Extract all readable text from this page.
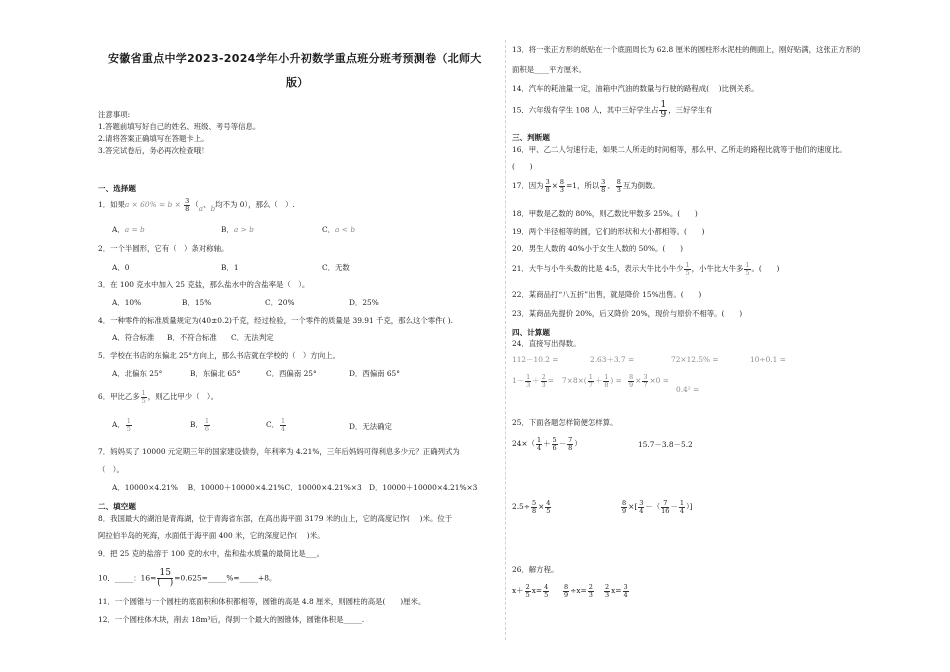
安徽省重点中学2023-2024学年小升初数学重点班分班考预测卷（北师大
版）
注意事项:
1.答题前填写好自己的姓名、班级、考号等信息。
2.请将答案正确填写在答题卡上。
3.答完试卷后，务必再次检查哦！
一、选择题
1．如果$a \times 60\% = b \times \frac{3}{8} (a$、b均不为 0），那么（　）.
A．a = b	B．a > b	C．a < b
2．一个半圆形，它有（　）条对称轴。
A．0	B．1	C．无数
3．在 100 克水中加入 25 克盐，那么盐水中的含盐率是（　）。
A．10%	B．15%	C．20%	D．25%
4．一种零件的标准质量规定为(40±0.2)千克，经过检验，一个零件的质量是 39.91 千克，那么这个零件( ).
A．符合标准 B．不符合标准 C．无法判定
5．学校在书店的东偏北 25°方向上，那么书店就在学校的（　）方向上。
A．北偏东 25°	B．东偏北 65°	C．西偏南 25°	D．西偏南 65°
6．甲比乙多 $\frac{1}{5}$ ，则乙比甲少（　）。
A． $\frac{1}{5}$	B． $\frac{1}{6}$	C． $\frac{1}{4}$	D．无法确定
7．妈妈买了 10000 元定期三年的国家建设债券，年利率为 4.21%，三年后妈妈可得利息多少元？正确列式为
（　）。
A．10000×4.21%　 B．10000＋10000×4.21%C．10000×4.21%×3　D．10000＋10000×4.21%×3
二、填空题
8．我国最大的湖泊是青海湖，位于青海省东部，在高出海平面 3179 米的山上，它的高度记作(　 )米。位于
阿拉伯半岛的死海，水面低于海平面 400 米，它的深度记作(　 )米。
9．把 25 克的盐溶于 100 克的水中，盐和盐水质量的最简比是___。
10．_____：$16= \frac{15}{( )}$ =0.625=_____%=_____+8。
11．一个圆锥与一个圆柱的底面积和体积都相等，圆锥的高是 4.8 厘米，则圆柱的高是(　　)厘米。
12．一个圆柱体木块，削去 18m³后，得到一个最大的圆锥体，圆锥体积是_____.
13．将一张正方形的纸贴在一个底面周长为 62.8 厘米的圆柱形水泥柱的侧面上，刚好贴满，这张正方形的
面积是____平方厘米。
14．汽车的耗油量一定，油箱中汽油的数量与行驶的路程成(　 )比例关系。
15．六年级有学生 108 人，其中三好学生占 $\frac{1}{9}$ ，三好学生有
三、判断题
16．甲、乙二人匀速行走，如果二人所走的时间相等，那么甲、乙所走的路程比就等于他们的速度比。
(　　)
17．因为 $\frac{3}{8} \times \frac{8}{3} =1$，所以 $\frac{3}{8}$ 、 $\frac{8}{3}$ 互为倒数。
18．甲数是乙数的 80%，则乙数比甲数多 25%。(　　)
19．两个半径相等的圆，它们的形状和大小都相等。(　　)
20．男生人数的 40%小于女生人数的 50%。(　　)
21．大牛与小牛头数的比是 4:5，表示大牛比小牛少 $\frac{1}{5}$ ，小牛比大牛多 $\frac{1}{5}$ 。(　　)
22．某商品打“八五折”出售，就是降价 15%出售。(　　)
23．某商品先提价 20%，后又降价 20%，现价与原价不相等。(　　)
四、计算题
24．直接写出得数。
112－10.2 =	2.63＋3.7 =	72×12.5% =	10÷0.1 =
$1- \frac{1}{3} + \frac{2}{3} = 7\times 8\times( \frac{1}{7} + \frac{1}{8}$ ) = $\frac{8}{9} \times \frac{3}{7} \times 0$ =
0.4² =
25．下面各题怎样简便怎样算。
$24\times( \frac{1}{4} + \frac{5}{6} - \frac{7}{8}$ ）	15.7－3.8－5.2
$2.5\div \frac{5}{8} \times \frac{4}{5}$	$\frac{8}{9}$ ×[ $\frac{3}{4}$ －（ $\frac{7}{16} - \frac{1}{4}$ ）]
26．解方程。
$x+ \frac{2}{5} x= \frac{4}{5} \frac{8}{9} \div x= \frac{2}{3} \frac{2}{3} x= \frac{3}{4}$
